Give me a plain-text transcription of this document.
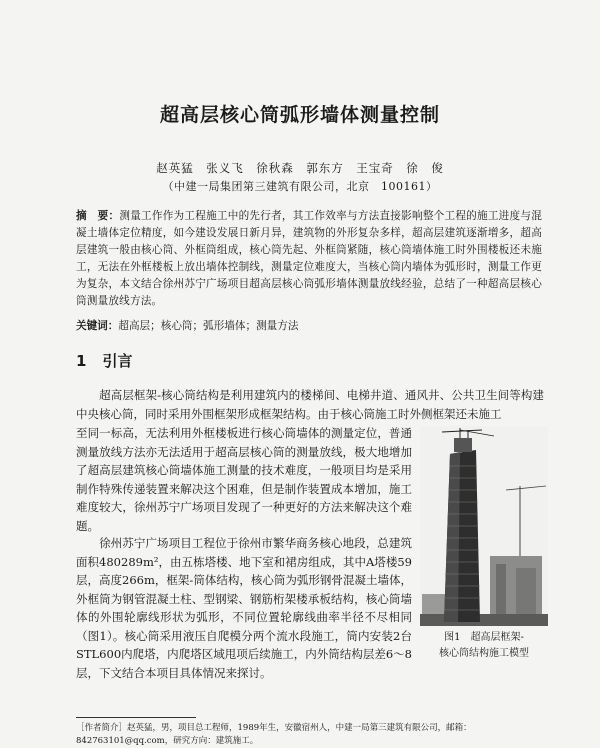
超高层核心筒弧形墙体测量控制
赵英猛　张义飞　徐秋森　郭东方　王宝奇　徐　俊
（中建一局集团第三建筑有限公司，北京　100161）
摘　要：测量工作作为工程施工中的先行者，其工作效率与方法直接影响整个工程的施工进度与混凝土墙体定位精度，如今建设发展日新月异，建筑物的外形复杂多样，超高层建筑逐渐增多，超高层建筑一般由核心筒、外框筒组成，核心筒先起、外框筒紧随，核心筒墙体施工时外围楼板还未施工，无法在外框楼板上放出墙体控制线，测量定位难度大，当核心筒内墙体为弧形时，测量工作更为复杂，本文结合徐州苏宁广场项目超高层核心筒弧形墙体测量放线经验，总结了一种超高层核心筒测量放线方法。
关键词：超高层；核心筒；弧形墙体；测量方法
1 引言
超高层框架-核心筒结构是利用建筑内的楼梯间、电梯井道、通风井、公共卫生间等构建中央核心筒，同时采用外围框架形成框架结构。由于核心筒施工时外侧框架还未施工
至同一标高，无法利用外框楼板进行核心筒墙体的测量定位，普通测量放线方法亦无法适用于超高层核心筒的测量放线，极大地增加了超高层建筑核心筒墙体施工测量的技术难度，一般项目均是采用制作特殊传递装置来解决这个困难，但是制作装置成本增加，施工难度较大，徐州苏宁广场项目发现了一种更好的方法来解决这个难题。
徐州苏宁广场项目工程位于徐州市繁华商务核心地段，总建筑面积480289m²，由五栋塔楼、地下室和裙房组成，其中A塔楼59层，高度266m，框架-筒体结构，核心筒为弧形钢骨混凝土墙体，外框筒为钢管混凝土柱、型钢梁、钢筋桁架楼承板结构，核心筒墙体的外围轮廓线形状为弧形，不同位置轮廓线曲率半径不尽相同（图1）。核心筒采用液压自爬模分两个流水段施工，筒内安装2台STL600内爬塔，内爬塔区域甩项后续施工，内外筒结构层差6～8层，下文结合本项目具体情况来探讨。
图1　超高层框架-
核心筒结构施工模型
［作者简介］赵英猛，男，项目总工程师，1989年生，安徽宿州人，中建一局第三建筑有限公司，邮箱：842763101@qq.com，研究方向：建筑施工。
